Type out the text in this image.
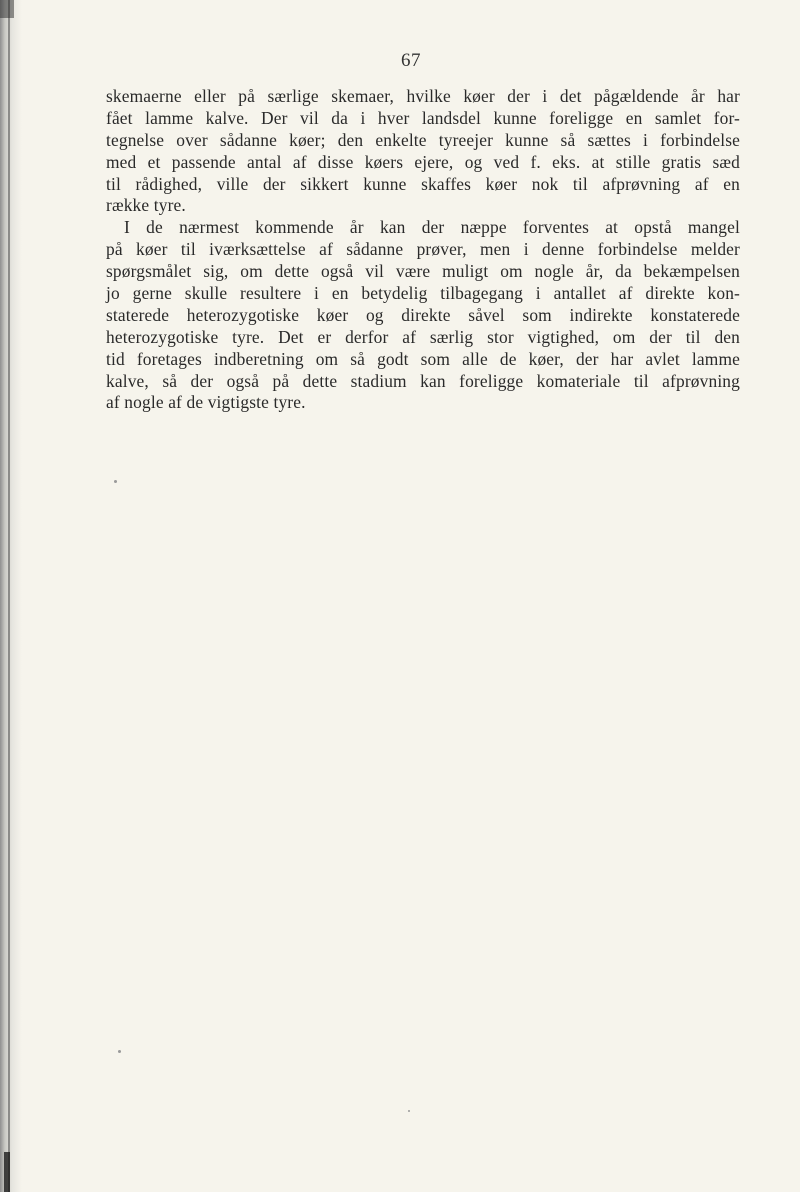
67
skemaerne eller på særlige skemaer, hvilke køer der i det pågældende år har
fået lamme kalve. Der vil da i hver landsdel kunne foreligge en samlet for-
tegnelse over sådanne køer; den enkelte tyreejer kunne så sættes i forbindelse
med et passende antal af disse køers ejere, og ved f. eks. at stille gratis sæd
til rådighed, ville der sikkert kunne skaffes køer nok til afprøvning af en
række tyre.
I de nærmest kommende år kan der næppe forventes at opstå mangel
på køer til iværksættelse af sådanne prøver, men i denne forbindelse melder
spørgsmålet sig, om dette også vil være muligt om nogle år, da bekæmpelsen
jo gerne skulle resultere i en betydelig tilbagegang i antallet af direkte kon-
staterede heterozygotiske køer og direkte såvel som indirekte konstaterede
heterozygotiske tyre. Det er derfor af særlig stor vigtighed, om der til den
tid foretages indberetning om så godt som alle de køer, der har avlet lamme
kalve, så der også på dette stadium kan foreligge komateriale til afprøvning
af nogle af de vigtigste tyre.
